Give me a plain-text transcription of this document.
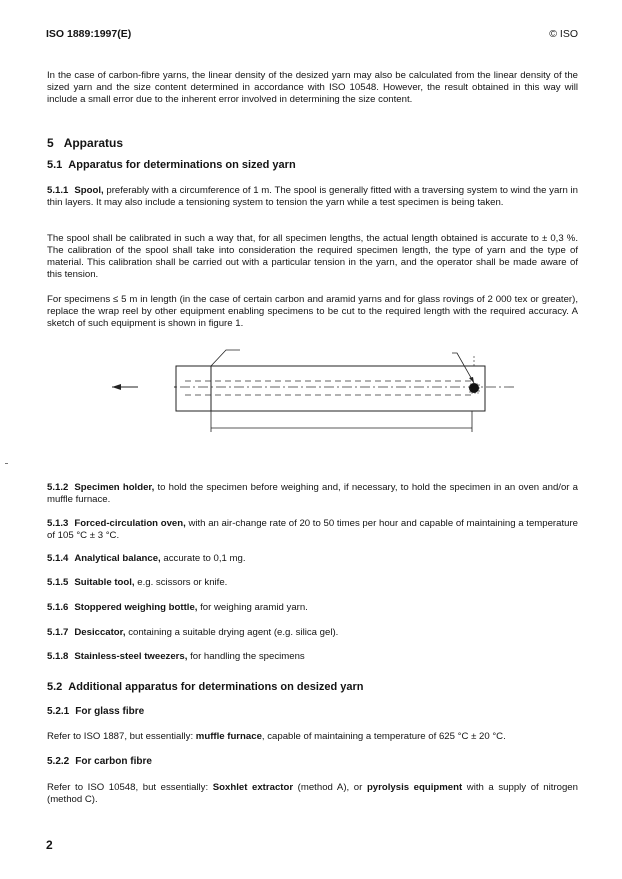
ISO 1889:1997(E)	© ISO

In the case of carbon-fibre yarns, the linear density of the desized yarn may also be calculated from the linear density of the sized yarn and the size content determined in accordance with ISO 10548. However, the result obtained in this way will include a small error due to the inherent error involved in determining the size content.

5 Apparatus
5.1 Apparatus for determinations on sized yarn

5.1.1 Spool, preferably with a circumference of 1 m. The spool is generally fitted with a traversing system to wind the yarn in thin layers. It may also include a tensioning system to tension the yarn while a test specimen is being taken.

The spool shall be calibrated in such a way that, for all specimen lengths, the actual length obtained is accurate to ± 0,3 %. The calibration of the spool shall take into consideration the required specimen length, the type of yarn and the type of material. This calibration shall be carried out with a particular tension in the yarn, and the operator shall be made aware of this tension.

For specimens ≤ 5 m in length (in the case of certain carbon and aramid yarns and for glass rovings of 2 000 tex or greater), replace the wrap reel by other equipment enabling specimens to be cut to the required length with the required accuracy. A sketch of such equipment is shown in figure 1.

5.1.2 Specimen holder, to hold the specimen before weighing and, if necessary, to hold the specimen in an oven and/or a muffle furnace.

5.1.3 Forced-circulation oven, with an air-change rate of 20 to 50 times per hour and capable of maintaining a temperature of 105 °C ± 3 °C.

5.1.4 Analytical balance, accurate to 0,1 mg.

5.1.5 Suitable tool, e.g. scissors or knife.

5.1.6 Stoppered weighing bottle, for weighing aramid yarn.

5.1.7 Desiccator, containing a suitable drying agent (e.g. silica gel).

5.1.8 Stainless-steel tweezers, for handling the specimens

5.2 Additional apparatus for determinations on desized yarn
5.2.1 For glass fibre

Refer to ISO 1887, but essentially: muffle furnace, capable of maintaining a temperature of 625 °C ± 20 °C.

5.2.2 For carbon fibre

Refer to ISO 10548, but essentially: Soxhlet extractor (method A), or pyrolysis equipment with a supply of nitrogen (method C).

2
